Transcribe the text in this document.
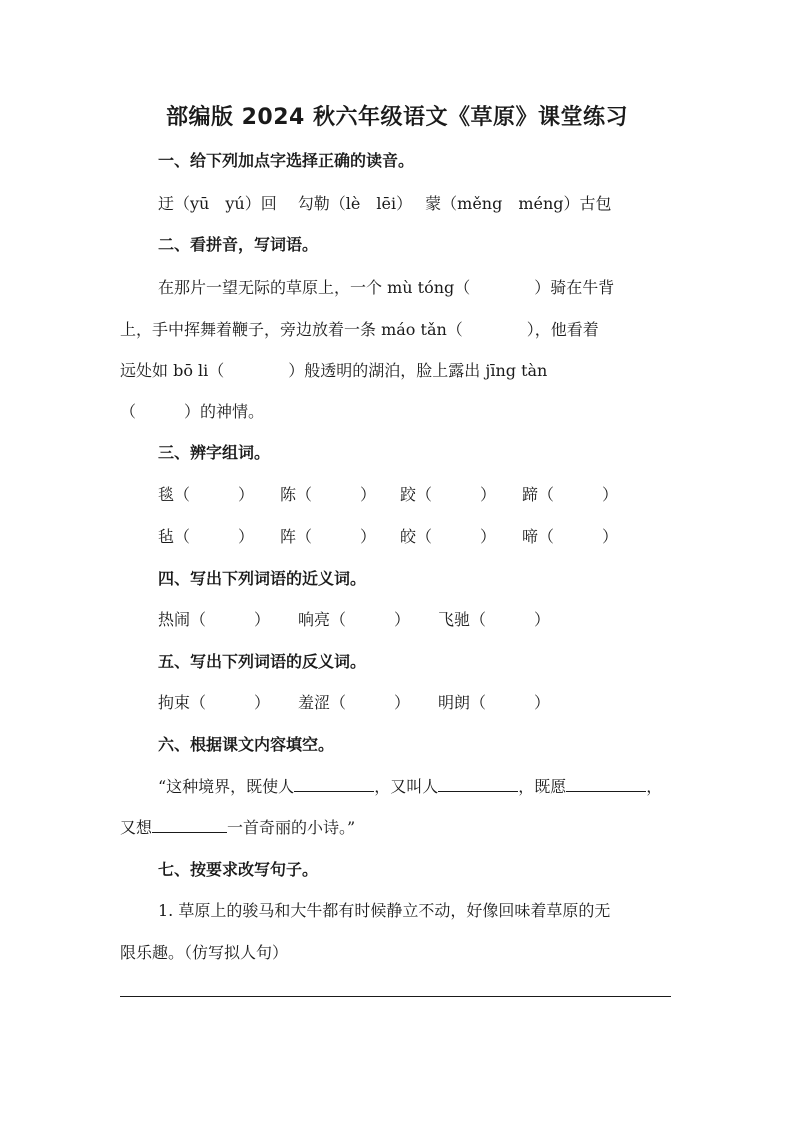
部编版 2024 秋六年级语文《草原》课堂练习
一、给下列加点字选择正确的读音。
迂（yū　yú）回　 勾勒（lè　lēi）　 蒙（měng　méng）古包
二、看拼音，写词语。
在那片一望无际的草原上，一个 mù tóng（　　　　）骑在牛背
上，手中挥舞着鞭子，旁边放着一条 máo tǎn（　　　　），他看着
远处如 bō li（　　　　）般透明的湖泊，脸上露出 jīng tàn
（　　　）的神情。
三、辨字组词。
毯（　　　） 陈（　　　） 跤（　　　） 蹄（　　　）
毡（　　　） 阵（　　　） 皎（　　　） 啼（　　　）
四、写出下列词语的近义词。
热闹（　　　） 响亮（　　　） 飞驰（　　　）
五、写出下列词语的反义词。
拘束（　　　） 羞涩（　　　） 明朗（　　　）
六、根据课文内容填空。
“这种境界，既使人	，又叫人	，既愿	，
又想	一首奇丽的小诗。”
七、按要求改写句子。
1. 草原上的骏马和大牛都有时候静立不动，好像回味着草原的无
限乐趣。（仿写拟人句）
